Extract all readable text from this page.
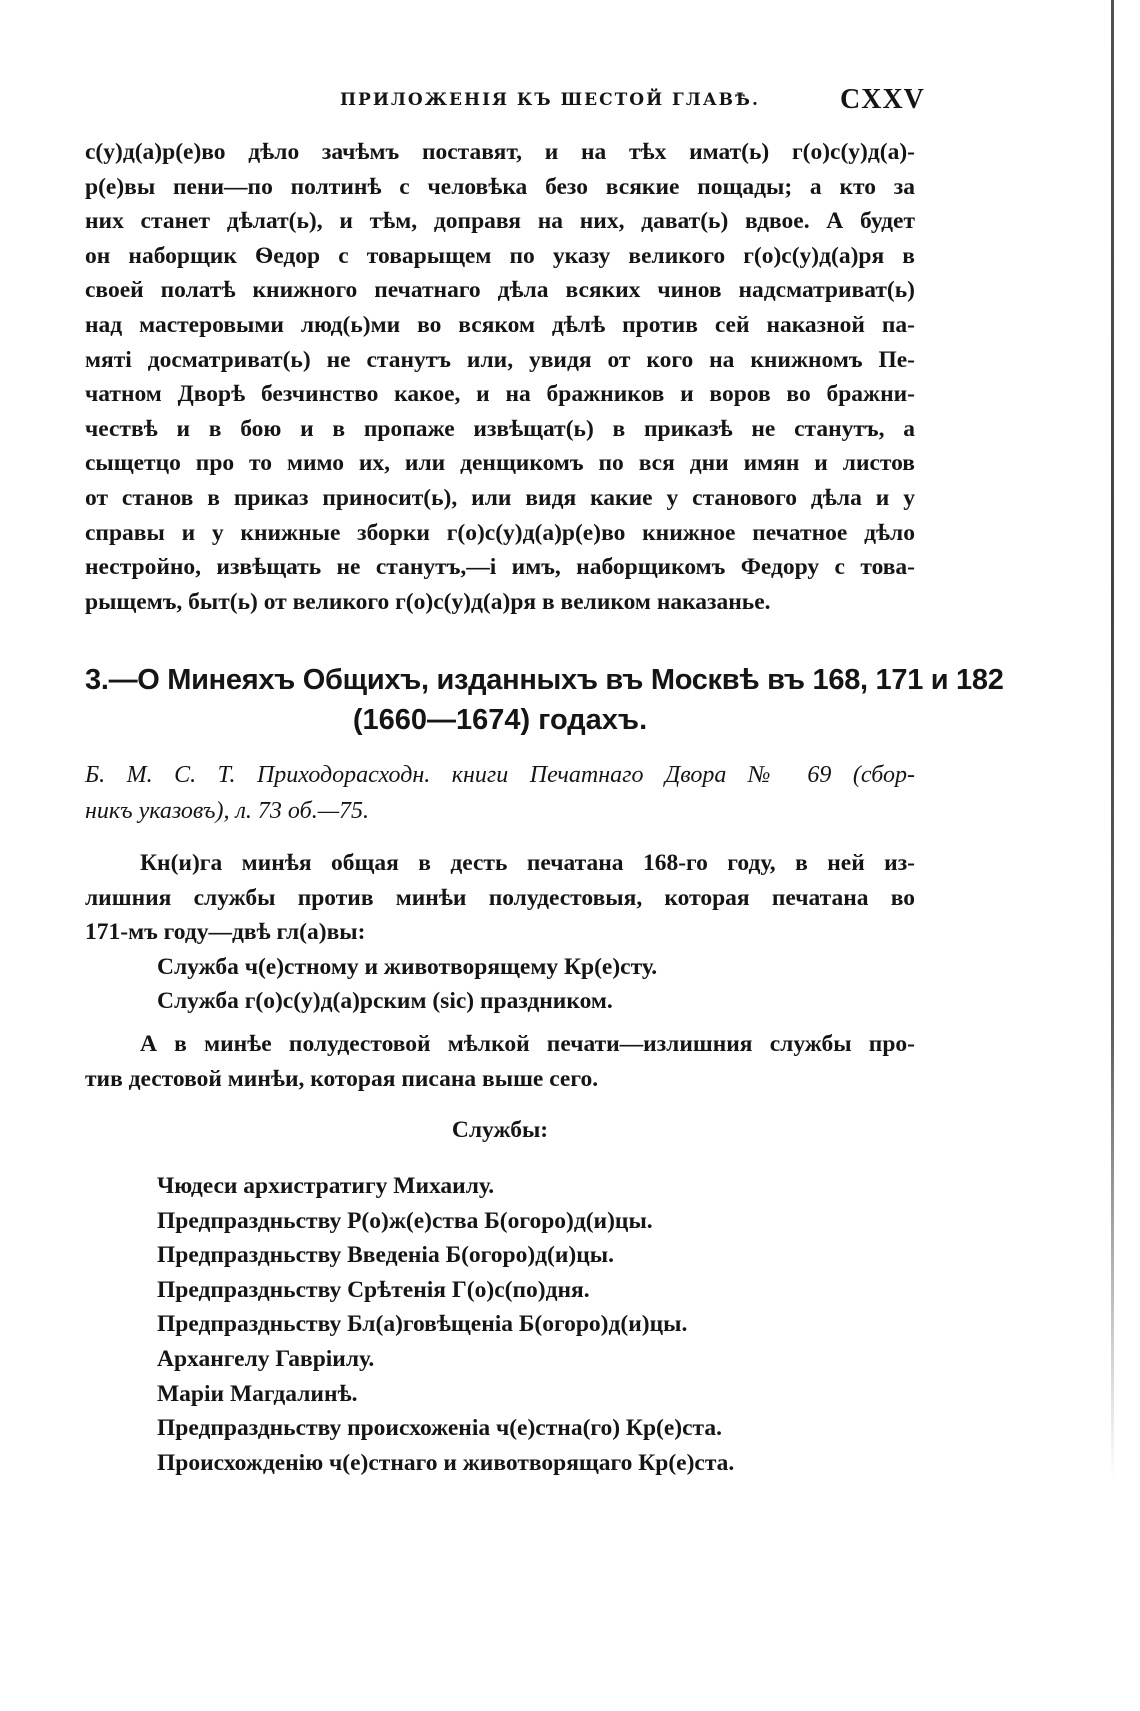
ПРИЛОЖЕНІЯ КЪ ШЕСТОЙ ГЛАВѢ.	CXXV
с(у)д(а)р(е)во дѣло зачѣмъ поставят, и на тѣх имат(ь) г(о)с(у)д(а)-
р(е)вы пени—по полтинѣ с человѣка безо всякие пощады; а кто за
них станет дѣлат(ь), и тѣм, доправя на них, дават(ь) вдвое. А будет
он наборщик Ѳедор с товарыщем по указу великого г(о)с(у)д(а)ря в
своей полатѣ книжного печатнаго дѣла всяких чинов надсматриват(ь)
над мастеровыми люд(ь)ми во всяком дѣлѣ против сей наказной па-
мятi досматриват(ь) не станутъ или, увидя от кого на книжномъ Пе-
чатном Дворѣ безчинство какое, и на бражников и воров во бражни-
чествѣ и в бою и в пропаже извѣщат(ь) в приказѣ не станутъ, а
сыщетцо про то мимо их, или денщикомъ по вся дни имян и листов
от станов в приказ приносит(ь), или видя какие у станового дѣла и у
справы и у книжные зборки г(о)с(у)д(а)р(е)во книжное печатное дѣло
нестройно, извѣщать не станутъ,—i имъ, наборщикомъ Федору с това-
рыщемъ, быт(ь) от великого г(о)с(у)д(а)ря в великом наказанье.
3.—О Минеяхъ Общихъ, изданныхъ въ Москвѣ въ 168, 171 и 182
(1660—1674) годахъ.
Б. М. С. Т. Приходорасходн. книги Печатнаго Двора № 69 (сбор-
никъ указовъ), л. 73 об.—75.
Кн(и)га минѣя общая в десть печатана 168-го году, в ней из-
лишния службы против минѣи полудестовыя, которая печатана во
171-мъ году—двѣ гл(а)вы:
Служба ч(е)стному и животворящему Кр(е)сту.
Служба г(о)с(у)д(а)рским (sic) праздником.
А в минѣе полудестовой мѣлкой печати—излишния службы про-
тив дестовой минѣи, которая писана выше сего.
Службы:
Чюдеси архистратигу Михаилу.
Предпраздньству Р(о)ж(е)ства Б(огоро)д(и)цы.
Предпраздньству Введенiа Б(огоро)д(и)цы.
Предпраздньству Срѣтенiя Г(о)с(по)дня.
Предпраздньству Бл(а)говѣщенiа Б(огоро)д(и)цы.
Архангелу Гаврiилу.
Марiи Магдалинѣ.
Предпраздньству происхоженiа ч(е)стна(го) Кр(е)ста.
Происхожденiю ч(е)стнаго и животворящаго Кр(е)ста.
